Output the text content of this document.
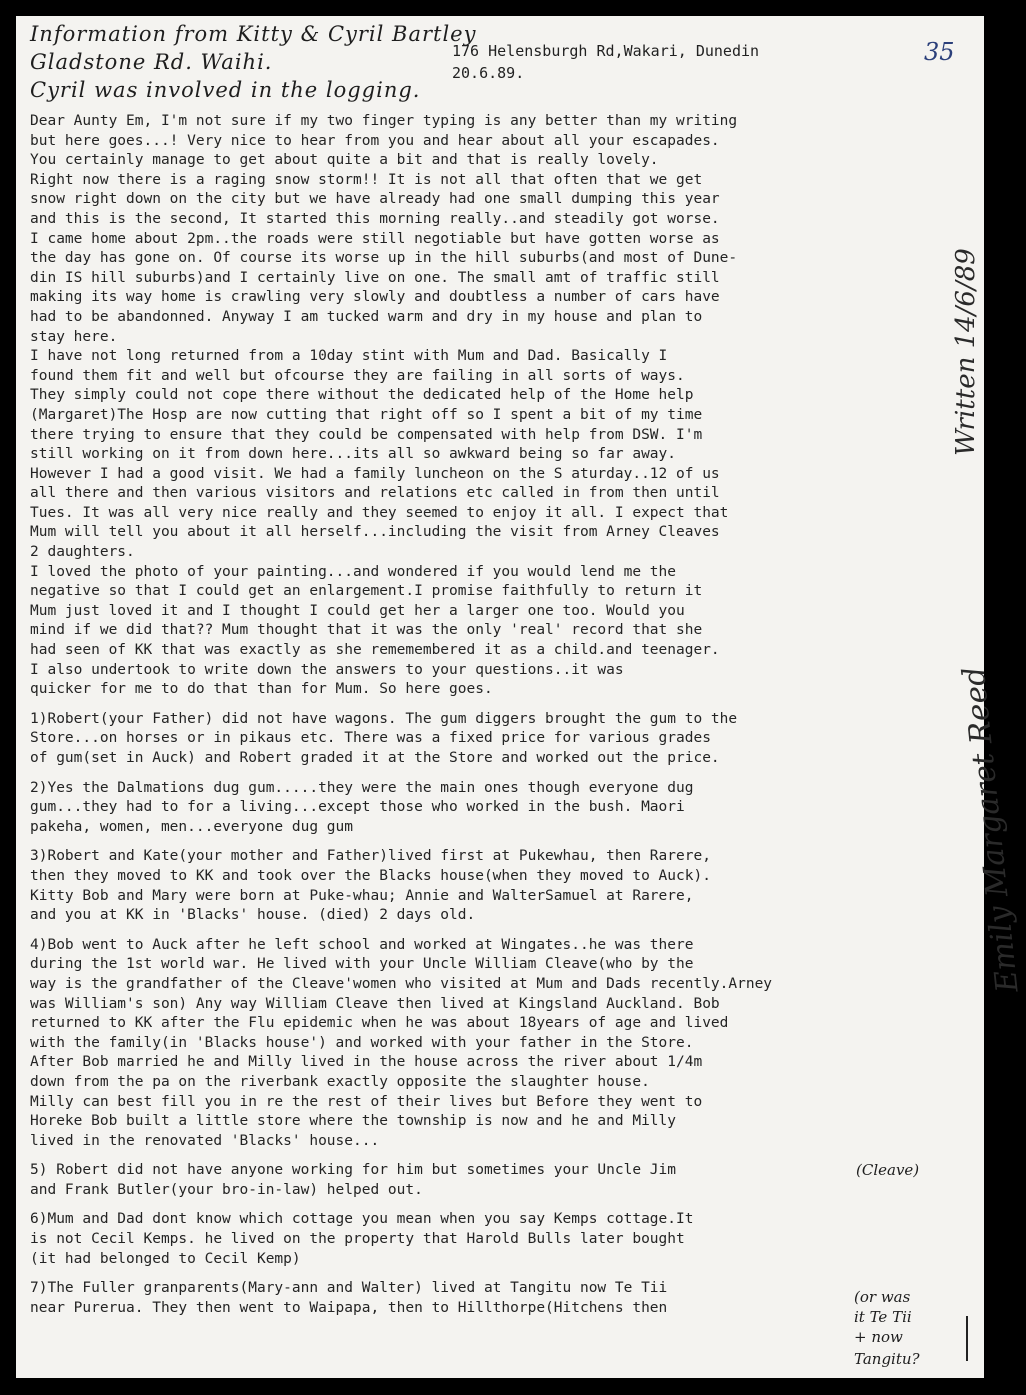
Information from Kitty & Cyril Bartley
Gladstone Rd. Waihi.
Cyril was involved in the logging.
176 Helensburgh Rd,Wakari, Dunedin
20.6.89.
35
Dear Aunty Em, I'm not sure if my two finger typing is any better than my writing
but here goes...! Very nice to hear from you and hear about all your escapades.
You certainly manage to get about quite a bit and that is really lovely.
Right now there is a raging snow storm!! It is not all that often that we get
snow right down on the city but we have already had one small dumping this year
and this is the second, It started this morning really..and steadily got worse.
I came home about 2pm..the roads were still negotiable but have gotten worse as
the day has gone on. Of course its worse up in the hill suburbs(and most of Dune-
din IS hill suburbs)and I certainly live on one. The small amt of traffic still
making its way home is crawling very slowly and doubtless a number of cars have
had to be abandonned. Anyway I am tucked warm and dry in my house and plan to
stay here.
I have not long returned from a 10day stint with Mum and Dad. Basically I
found them fit and well but ofcourse they are failing in all sorts of ways.
They simply could not cope there without the dedicated help of the Home help
(Margaret)The Hosp are now cutting that right off so I spent a bit of my time
there trying to ensure that they could be compensated with help from DSW. I'm
still working on it from down here...its all so awkward being so far away.
However I had a good visit. We had a family luncheon on the S aturday..12 of us
all there and then various visitors and relations etc called in from then until
Tues. It was all very nice really and they seemed to enjoy it all. I expect that
Mum will tell you about it all herself...including the visit from Arney Cleaves
2 daughters.
I loved the photo of your painting...and wondered if you would lend me the
negative so that I could get an enlargement.I promise faithfully to return it
Mum just loved it and I thought I could get her a larger one too. Would you
mind if we did that?? Mum thought that it was the only 'real' record that she
had seen of KK that was exactly as she rememembered it as a child.and teenager.
I also undertook to write down the answers to your questions..it was
quicker for me to do that than for Mum. So here goes.
1)Robert(your Father) did not have wagons. The gum diggers brought the gum to the
Store...on horses or in pikaus etc. There was a fixed price for various grades
of gum(set in Auck) and Robert graded it at the Store and worked out the price.
2)Yes the Dalmations dug gum.....they were the main ones though everyone dug
gum...they had to for a living...except those who worked in the bush. Maori
pakeha, women, men...everyone dug gum
3)Robert and Kate(your mother and Father)lived first at Pukewhau, then Rarere,
then they moved to KK and took over the Blacks house(when they moved to Auck).
Kitty Bob and Mary were born at Puke-whau; Annie and WalterSamuel at Rarere,
and you at KK in 'Blacks' house. (died) 2 days old.
4)Bob went to Auck after he left school and worked at Wingates..he was there
during the 1st world war. He lived with your Uncle William Cleave(who by the
way is the grandfather of the Cleave'women who visited at Mum and Dads recently.Arney
was William's son) Any way William Cleave then lived at Kingsland Auckland. Bob
returned to KK after the Flu epidemic when he was about 18years of age and lived
with the family(in 'Blacks house') and worked with your father in the Store.
After Bob married he and Milly lived in the house across the river about 1/4m
down from the pa on the riverbank exactly opposite the slaughter house.
Milly can best fill you in re the rest of their lives but Before they went to
Horeke Bob built a little store where the township is now and he and Milly
lived in the renovated 'Blacks' house...
5) Robert did not have anyone working for him but sometimes your Uncle Jim
and Frank Butler(your bro-in-law) helped out.
6)Mum and Dad dont know which cottage you mean when you say Kemps cottage.It
is not Cecil Kemps. he lived on the property that Harold Bulls later bought
(it had belonged to Cecil Kemp)
7)The Fuller granparents(Mary-ann and Walter) lived at Tangitu now Te Tii
near Purerua. They then went to Waipapa, then to Hillthorpe(Hitchens then
Written 14/6/89
Emily Margaret Reed
(Cleave)
(or was
it Te Tii
+ now
Tangitu?
